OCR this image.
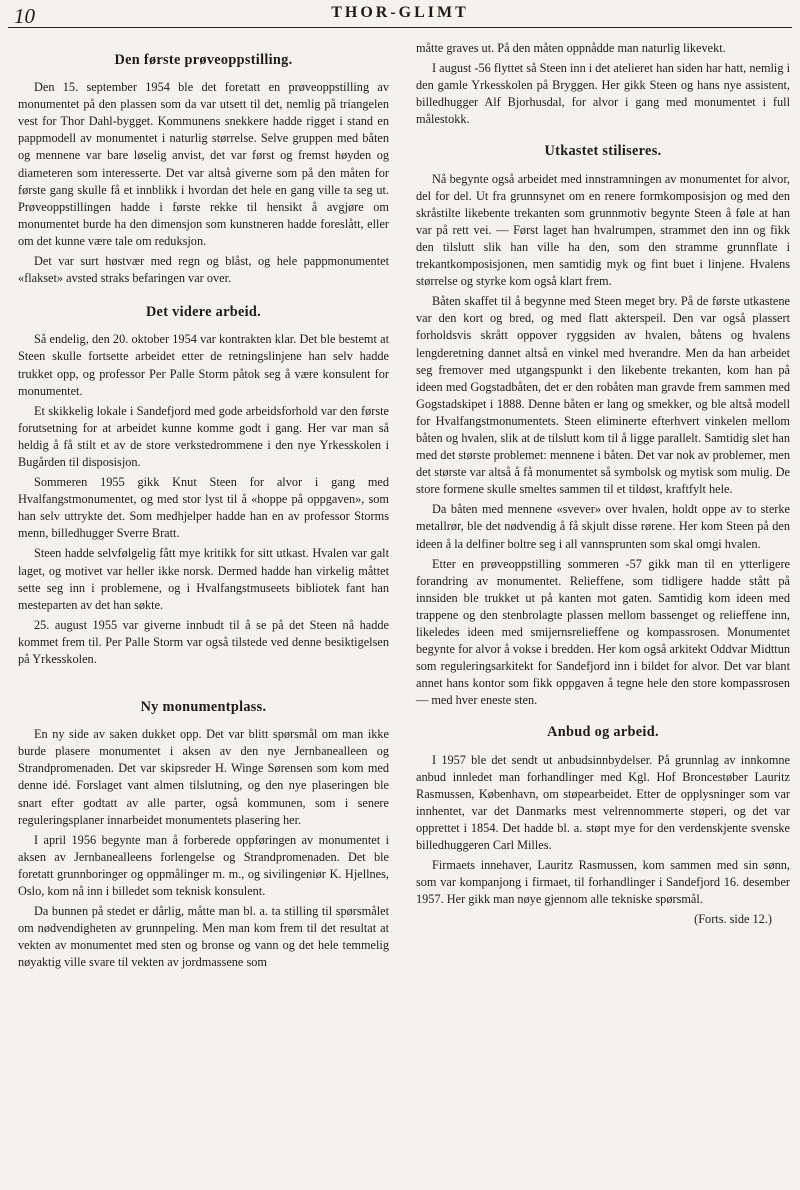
10	THOR-GLIMT
Den første prøveoppstilling.

Den 15. september 1954 ble det foretatt en prøveoppstilling av monumentet på den plassen som da var utsett til det, nemlig på triangelen vest for Thor Dahl-bygget. Kommunens snekkere hadde rigget i stand en pappmodell av monumentet i naturlig størrelse. Selve gruppen med båten og mennene var bare løselig anvist, det var først og fremst høyden og diameteren som interesserte. Det var altså giverne som på den måten for første gang skulle få et innblikk i hvordan det hele en gang ville ta seg ut. Prøveoppstillingen hadde i første rekke til hensikt å avgjøre om monumentet burde ha den dimensjon som kunstneren hadde foreslått, eller om det kunne være tale om reduksjon.

Det var surt høstvær med regn og blåst, og hele pappmonumentet «flakset» avsted straks befaringen var over.

Det videre arbeid.

Så endelig, den 20. oktober 1954 var kontrakten klar. Det ble bestemt at Steen skulle fortsette arbeidet etter de retningslinjene han selv hadde trukket opp, og professor Per Palle Storm påtok seg å være konsulent for monumentet.

Et skikkelig lokale i Sandefjord med gode arbeidsforhold var den første forutsetning for at arbeidet kunne komme godt i gang. Her var man så heldig å få stilt et av de store verkstedrommene i den nye Yrkesskolen i Bugården til disposisjon.

Sommeren 1955 gikk Knut Steen for alvor i gang med Hvalfangstmonumentet, og med stor lyst til å «hoppe på oppgaven», som han selv uttrykte det. Som medhjelper hadde han en av professor Storms menn, billedhugger Sverre Bratt.

Steen hadde selvfølgelig fått mye kritikk for sitt utkast. Hvalen var galt laget, og motivet var heller ikke norsk. Dermed hadde han virkelig måttet sette seg inn i problemene, og i Hvalfangstmuseets bibliotek fant han mesteparten av det han søkte.

25. august 1955 var giverne innbudt til å se på det Steen nå hadde kommet frem til. Per Palle Storm var også tilstede ved denne besiktigelsen på Yrkesskolen.

Ny monumentplass.

En ny side av saken dukket opp. Det var blitt spørsmål om man ikke burde plasere monumentet i aksen av den nye Jernbanealleen og Strandpromenaden. Det var skipsreder H. Winge Sørensen som kom med denne idé. Forslaget vant almen tilslutning, og den nye plaseringen ble snart efter godtatt av alle parter, også kommunen, som i senere reguleringsplaner innarbeidet monumentets plasering her.

I april 1956 begynte man å forberede oppføringen av monumentet i aksen av Jernbanealleens forlengelse og Strandpromenaden. Det ble foretatt grunnboringer og oppmålinger m. m., og sivilingeniør K. Hjellnes, Oslo, kom nå inn i billedet som teknisk konsulent.

Da bunnen på stedet er dårlig, måtte man bl. a. ta stilling til spørsmålet om nødvendigheten av grunnpeling. Men man kom frem til det resultat at vekten av monumentet med sten og bronse og vann og det hele temmelig nøyaktig ville svare til vekten av jordmassene som

måtte graves ut. På den måten oppnådde man naturlig likevekt.

I august -56 flyttet så Steen inn i det atelieret han siden har hatt, nemlig i den gamle Yrkesskolen på Bryggen. Her gikk Steen og hans nye assistent, billedhugger Alf Bjorhusdal, for alvor i gang med monumentet i full målestokk.

Utkastet stiliseres.

Nå begynte også arbeidet med innstramningen av monumentet for alvor, del for del. Ut fra grunnsynet om en renere formkomposisjon og med den skråstilte likebente trekanten som grunnmotiv begynte Steen å føle at han var på rett vei. — Først laget han hvalrumpen, strammet den inn og fikk den tilslutt slik han ville ha den, som den stramme grunnflate i trekantkomposisjonen, men samtidig myk og fint buet i linjene. Hvalens størrelse og styrke kom også klart frem.

Båten skaffet til å begynne med Steen meget bry. På de første utkastene var den kort og bred, og med flatt akterspeil. Den var også plassert forholdsvis skrått oppover ryggsiden av hvalen, båtens og hvalens lengderetning dannet altså en vinkel med hverandre. Men da han arbeidet seg fremover med utgangspunkt i den likebente trekanten, kom han på ideen med Gogstadbåten, det er den robåten man gravde frem sammen med Gogstadskipet i 1888. Denne båten er lang og smekker, og ble altså modell for Hvalfangstmonumentets. Steen eliminerte efterhvert vinkelen mellom båten og hvalen, slik at de tilslutt kom til å ligge parallelt. Samtidig slet han med det største problemet: mennene i båten. Det var nok av problemer, men det største var altså å få monumentet så symbolsk og mytisk som mulig. De store formene skulle smeltes sammen til et tildøst, kraftfylt hele.

Da båten med mennene «svever» over hvalen, holdt oppe av to sterke metallrør, ble det nødvendig å få skjult disse rørene. Her kom Steen på den ideen å la delfiner boltre seg i all vannsprunten som skal omgi hvalen.

Etter en prøveoppstilling sommeren -57 gikk man til en ytterligere forandring av monumentet. Relieffene, som tidligere hadde stått på innsiden ble trukket ut på kanten mot gaten. Samtidig kom ideen med trappene og den stenbrolagte plassen mellom bassenget og relieffene inn, likeledes ideen med smijernsrelieffene og kompassrosen. Monumentet begynte for alvor å vokse i bredden. Her kom også arkitekt Oddvar Midttun som reguleringsarkitekt for Sandefjord inn i bildet for alvor. Det var blant annet hans kontor som fikk oppgaven å tegne hele den store kompassrosen — med hver eneste sten.

Anbud og arbeid.

I 1957 ble det sendt ut anbudsinnbydelser. På grunnlag av innkomne anbud innledet man forhandlinger med Kgl. Hof Broncestøber Lauritz Rasmussen, København, om støpearbeidet. Etter de opplysninger som var innhentet, var det Danmarks mest velrennommerte støperi, og det var opprettet i 1854. Det hadde bl. a. støpt mye for den verdenskjente svenske billedhuggeren Carl Milles.

Firmaets innehaver, Lauritz Rasmussen, kom sammen med sin sønn, som var kompanjong i firmaet, til forhandlinger i Sandefjord 16. desember 1957. Her gikk man nøye gjennom alle tekniske spørsmål.

(Forts. side 12.)
